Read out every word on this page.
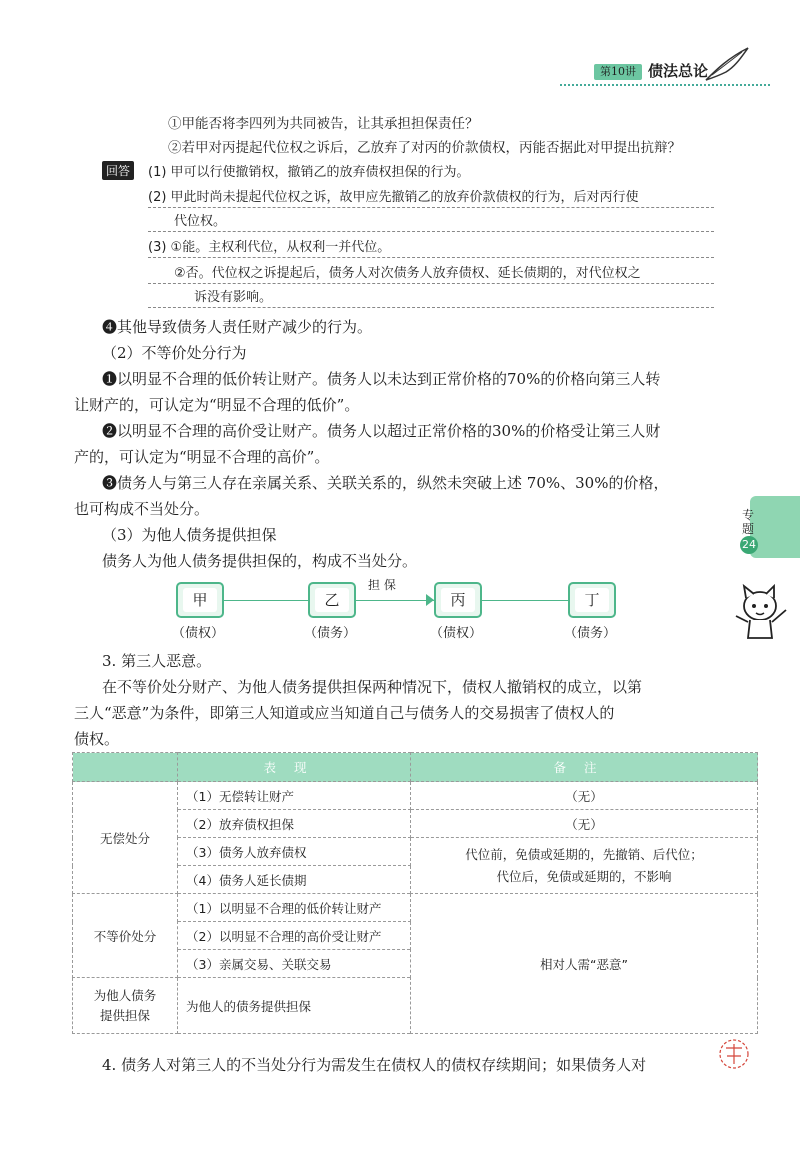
第10讲 债法总论
①甲能否将李四列为共同被告，让其承担担保责任？
②若甲对丙提起代位权之诉后，乙放弃了对丙的价款债权，丙能否据此对甲提出抗辩？
回答	(1) 甲可以行使撤销权，撤销乙的放弃债权担保的行为。
(2) 甲此时尚未提起代位权之诉，故甲应先撤销乙的放弃价款债权的行为，后对丙行使
代位权。
(3) ①能。主权利代位，从权利一并代位。
②否。代位权之诉提起后，债务人对次债务人放弃债权、延长债期的，对代位权之
诉没有影响。
❹其他导致债务人责任财产减少的行为。
（2）不等价处分行为
❶以明显不合理的低价转让财产。债务人以未达到正常价格的70%的价格向第三人转
让财产的，可认定为“明显不合理的低价”。
❷以明显不合理的高价受让财产。债务人以超过正常价格的30%的价格受让第三人财
产的，可认定为“明显不合理的高价”。
❸债务人与第三人存在亲属关系、关联关系的，纵然未突破上述 70%、30%的价格，
也可构成不当处分。
（3）为他人债务提供担保
债务人为他人债务提供担保的，构成不当处分。
担 保
甲	乙	丙	丁
（债权）	（债务）	（债权）	（债务）
3. 第三人恶意。
在不等价处分财产、为他人债务提供担保两种情况下，债权人撤销权的成立，以第
三人“恶意”为条件，即第三人知道或应当知道自己与债务人的交易损害了债权人的
债权。
	表现	备注
无偿处分	（1）无偿转让财产	（无）
	（2）放弃债权担保	（无）
	（3）债务人放弃债权	代位前，免债或延期的，先撤销、后代位；
代位后，免债或延期的，不影响

	（4）债务人延长债期	
不等价处分	（1）以明显不合理的低价转让财产	相对人需“恶意”
	（2）以明显不合理的高价受让财产	
	（3）亲属交易、关联交易	

为他人债务
提供担保	为他人的债务提供担保	
4. 债务人对第三人的不当处分行为需发生在债权人的债权存续期间；如果债务人对
专题
24
